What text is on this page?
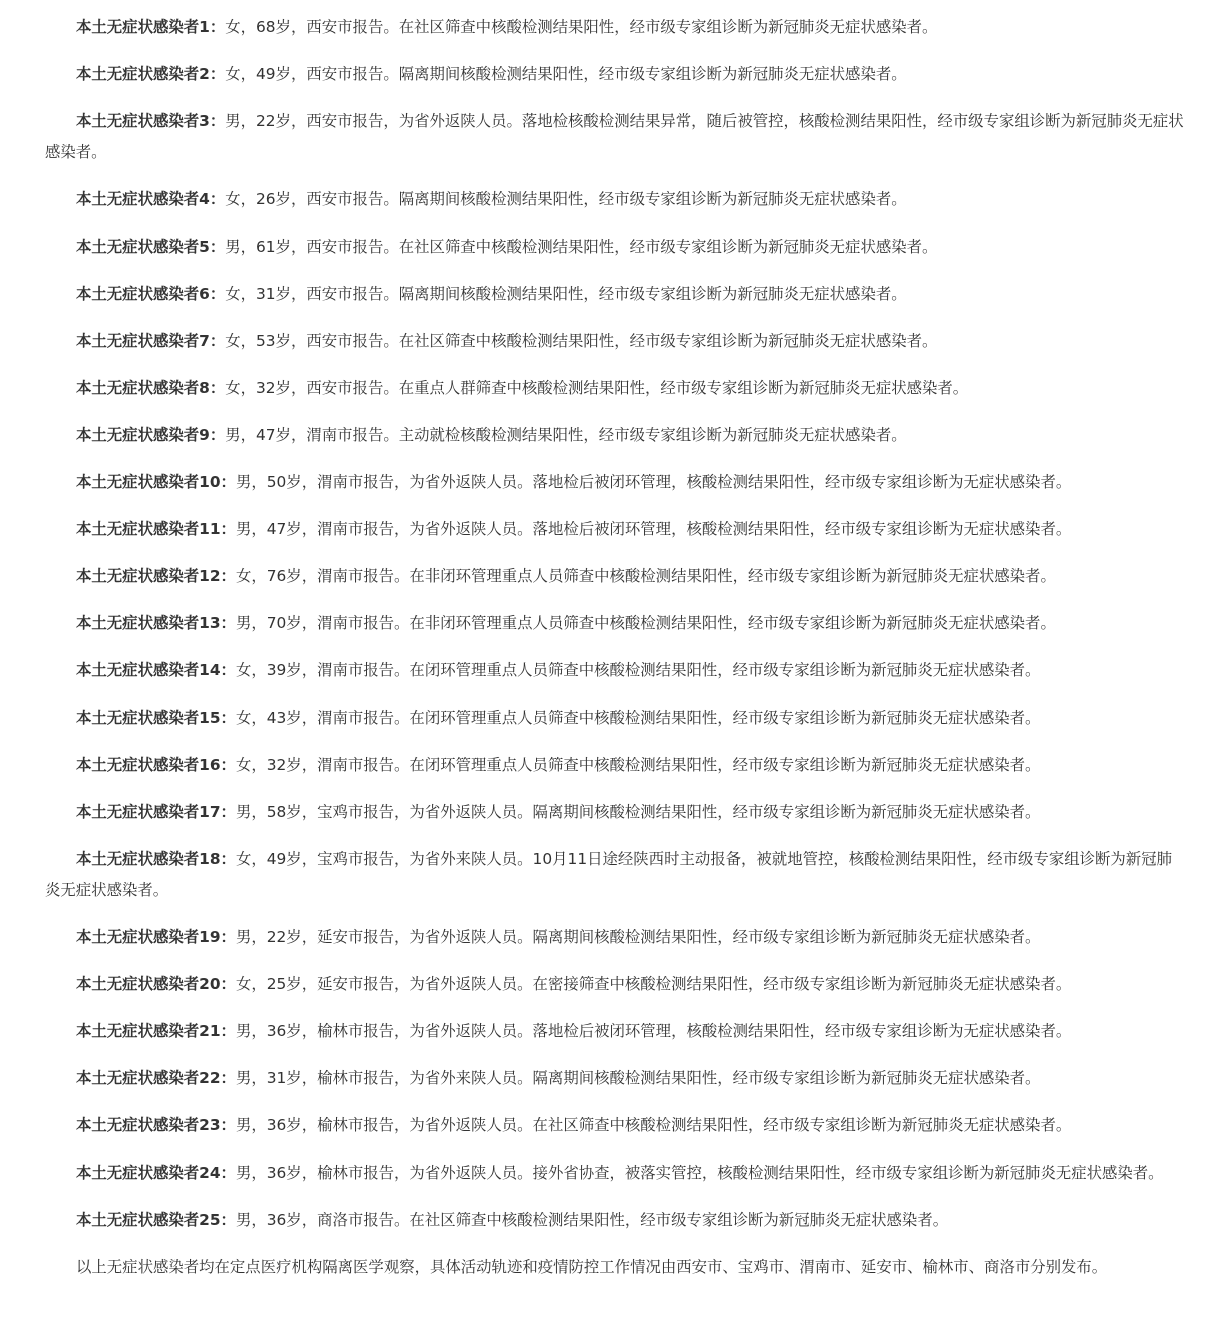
本土无症状感染者1：女，68岁，西安市报告。在社区筛查中核酸检测结果阳性，经市级专家组诊断为新冠肺炎无症状感染者。

本土无症状感染者2：女，49岁，西安市报告。隔离期间核酸检测结果阳性，经市级专家组诊断为新冠肺炎无症状感染者。

本土无症状感染者3：男，22岁，西安市报告，为省外返陕人员。落地检核酸检测结果异常，随后被管控，核酸检测结果阳性，经市级专家组诊断为新冠肺炎无症状感染者。

本土无症状感染者4：女，26岁，西安市报告。隔离期间核酸检测结果阳性，经市级专家组诊断为新冠肺炎无症状感染者。

本土无症状感染者5：男，61岁，西安市报告。在社区筛查中核酸检测结果阳性，经市级专家组诊断为新冠肺炎无症状感染者。

本土无症状感染者6：女，31岁，西安市报告。隔离期间核酸检测结果阳性，经市级专家组诊断为新冠肺炎无症状感染者。

本土无症状感染者7：女，53岁，西安市报告。在社区筛查中核酸检测结果阳性，经市级专家组诊断为新冠肺炎无症状感染者。

本土无症状感染者8：女，32岁，西安市报告。在重点人群筛查中核酸检测结果阳性，经市级专家组诊断为新冠肺炎无症状感染者。

本土无症状感染者9：男，47岁，渭南市报告。主动就检核酸检测结果阳性，经市级专家组诊断为新冠肺炎无症状感染者。

本土无症状感染者10：男，50岁，渭南市报告，为省外返陕人员。落地检后被闭环管理，核酸检测结果阳性，经市级专家组诊断为无症状感染者。

本土无症状感染者11：男，47岁，渭南市报告，为省外返陕人员。落地检后被闭环管理，核酸检测结果阳性，经市级专家组诊断为无症状感染者。

本土无症状感染者12：女，76岁，渭南市报告。在非闭环管理重点人员筛查中核酸检测结果阳性，经市级专家组诊断为新冠肺炎无症状感染者。

本土无症状感染者13：男，70岁，渭南市报告。在非闭环管理重点人员筛查中核酸检测结果阳性，经市级专家组诊断为新冠肺炎无症状感染者。

本土无症状感染者14：女，39岁，渭南市报告。在闭环管理重点人员筛查中核酸检测结果阳性，经市级专家组诊断为新冠肺炎无症状感染者。

本土无症状感染者15：女，43岁，渭南市报告。在闭环管理重点人员筛查中核酸检测结果阳性，经市级专家组诊断为新冠肺炎无症状感染者。

本土无症状感染者16：女，32岁，渭南市报告。在闭环管理重点人员筛查中核酸检测结果阳性，经市级专家组诊断为新冠肺炎无症状感染者。

本土无症状感染者17：男，58岁，宝鸡市报告，为省外返陕人员。隔离期间核酸检测结果阳性，经市级专家组诊断为新冠肺炎无症状感染者。

本土无症状感染者18：女，49岁，宝鸡市报告，为省外来陕人员。10月11日途经陕西时主动报备，被就地管控，核酸检测结果阳性，经市级专家组诊断为新冠肺炎无症状感染者。

本土无症状感染者19：男，22岁，延安市报告，为省外返陕人员。隔离期间核酸检测结果阳性，经市级专家组诊断为新冠肺炎无症状感染者。

本土无症状感染者20：女，25岁，延安市报告，为省外返陕人员。在密接筛查中核酸检测结果阳性，经市级专家组诊断为新冠肺炎无症状感染者。

本土无症状感染者21：男，36岁，榆林市报告，为省外返陕人员。落地检后被闭环管理，核酸检测结果阳性，经市级专家组诊断为无症状感染者。

本土无症状感染者22：男，31岁，榆林市报告，为省外来陕人员。隔离期间核酸检测结果阳性，经市级专家组诊断为新冠肺炎无症状感染者。

本土无症状感染者23：男，36岁，榆林市报告，为省外返陕人员。在社区筛查中核酸检测结果阳性，经市级专家组诊断为新冠肺炎无症状感染者。

本土无症状感染者24：男，36岁，榆林市报告，为省外返陕人员。接外省协查，被落实管控，核酸检测结果阳性，经市级专家组诊断为新冠肺炎无症状感染者。

本土无症状感染者25：男，36岁，商洛市报告。在社区筛查中核酸检测结果阳性，经市级专家组诊断为新冠肺炎无症状感染者。

以上无症状感染者均在定点医疗机构隔离医学观察，具体活动轨迹和疫情防控工作情况由西安市、宝鸡市、渭南市、延安市、榆林市、商洛市分别发布。
